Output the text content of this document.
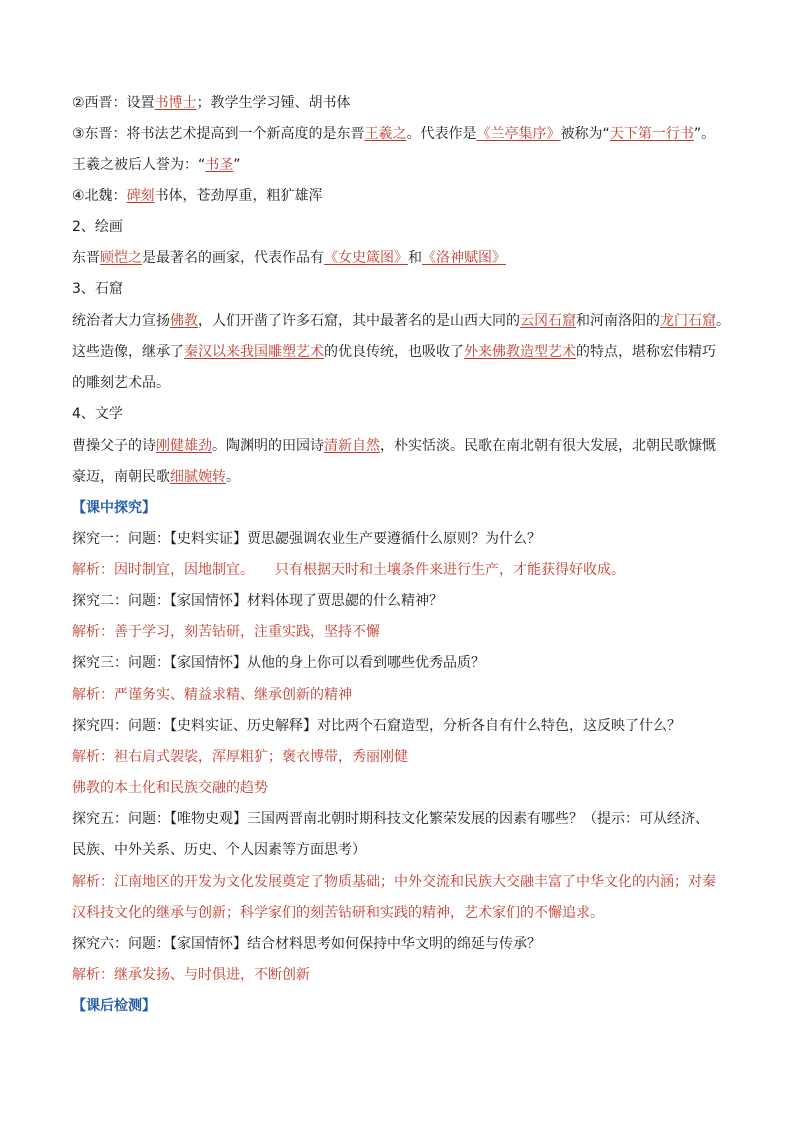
②西晋：设置书博士；教学生学习锺、胡书体
③东晋：将书法艺术提高到一个新高度的是东晋王羲之。代表作是《兰亭集序》被称为“天下第一行书”。
王羲之被后人誉为：“书圣”
④北魏：碑刻书体，苍劲厚重，粗犷雄浑
2、绘画
东晋顾恺之是最著名的画家，代表作品有《女史箴图》和《洛神赋图》
3、石窟
统治者大力宣扬佛教，人们开凿了许多石窟，其中最著名的是山西大同的云冈石窟和河南洛阳的龙门石窟。
这些造像，继承了秦汉以来我国雕塑艺术的优良传统，也吸收了外来佛教造型艺术的特点，堪称宏伟精巧
的雕刻艺术品。
4、文学
曹操父子的诗刚健雄劲。陶渊明的田园诗清新自然，朴实恬淡。民歌在南北朝有很大发展，北朝民歌慷慨
豪迈，南朝民歌细腻婉转。
【课中探究】
探究一：问题：【史料实证】贾思勰强调农业生产要遵循什么原则？为什么？
解析：因时制宜，因地制宜。　　只有根据天时和土壤条件来进行生产，才能获得好收成。
探究二：问题：【家国情怀】材料体现了贾思勰的什么精神？
解析：善于学习，刻苦钻研，注重实践，坚持不懈
探究三：问题：【家国情怀】从他的身上你可以看到哪些优秀品质？
解析：严谨务实、精益求精、继承创新的精神
探究四：问题：【史料实证、历史解释】对比两个石窟造型，分析各自有什么特色，这反映了什么？
解析：袒右肩式袈裟，浑厚粗犷；褒衣博带，秀丽刚健
佛教的本土化和民族交融的趋势
探究五：问题：【唯物史观】三国两晋南北朝时期科技文化繁荣发展的因素有哪些？（提示：可从经济、
民族、中外关系、历史、个人因素等方面思考）
解析：江南地区的开发为文化发展奠定了物质基础；中外交流和民族大交融丰富了中华文化的内涵；对秦
汉科技文化的继承与创新；科学家们的刻苦钻研和实践的精神，艺术家们的不懈追求。
探究六：问题：【家国情怀】结合材料思考如何保持中华文明的绵延与传承？
解析：继承发扬、与时俱进，不断创新
【课后检测】
